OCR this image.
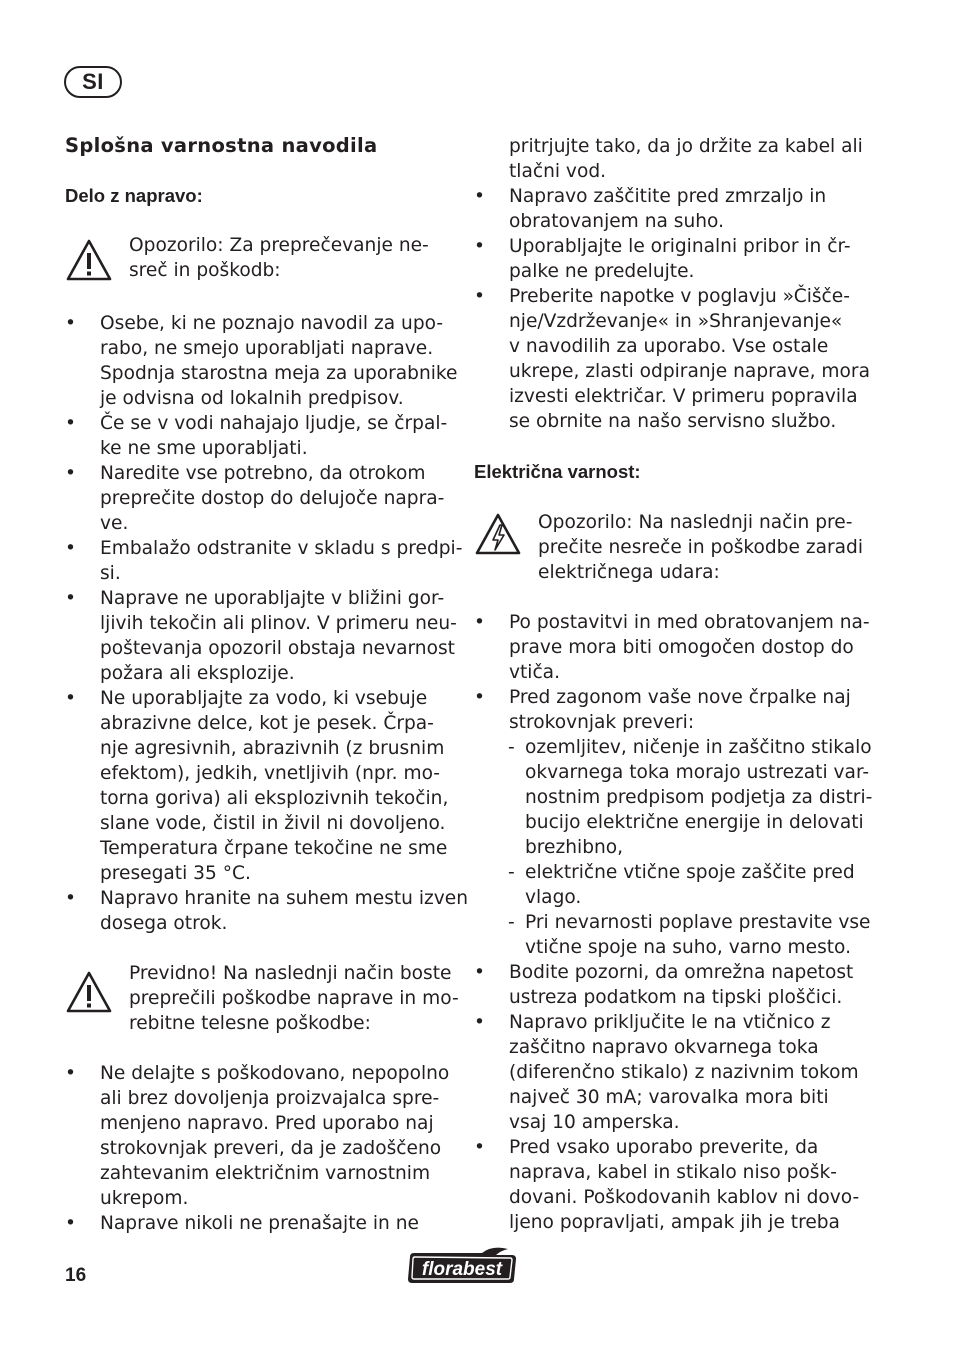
SI
Splošna varnostna navodila
Delo z napravo:
Opozorilo: Za preprečevanje ne-
sreč in poškodb:
• Osebe, ki ne poznajo navodil za upo-
rabo, ne smejo uporabljati naprave.
Spodnja starostna meja za uporabnike
je odvisna od lokalnih predpisov.
• Če se v vodi nahajajo ljudje, se črpal-
ke ne sme uporabljati.
• Naredite vse potrebno, da otrokom
preprečite dostop do delujoče napra-
ve.
• Embalažo odstranite v skladu s predpi-
si.
• Naprave ne uporabljajte v bližini gor-
ljivih tekočin ali plinov. V primeru neu-
poštevanja opozoril obstaja nevarnost
požara ali eksplozije.
• Ne uporabljajte za vodo, ki vsebuje
abrazivne delce, kot je pesek. Črpa-
nje agresivnih, abrazivnih (z brusnim
efektom), jedkih, vnetljivih (npr. mo-
torna goriva) ali eksplozivnih tekočin,
slane vode, čistil in živil ni dovoljeno.
Temperatura črpane tekočine ne sme
presegati 35 °C.
• Napravo hranite na suhem mestu izven
dosega otrok.
Previdno! Na naslednji način boste
preprečili poškodbe naprave in mo-
rebitne telesne poškodbe:
• Ne delajte s poškodovano, nepopolno
ali brez dovoljenja proizvajalca spre-
menjeno napravo. Pred uporabo naj
strokovnjak preveri, da je zadoščeno
zahtevanim električnim varnostnim
ukrepom.
• Naprave nikoli ne prenašajte in ne
pritrjujte tako, da jo držite za kabel ali
tlačni vod.
• Napravo zaščitite pred zmrzaljo in
obratovanjem na suho.
• Uporabljajte le originalni pribor in čr-
palke ne predelujte.
• Preberite napotke v poglavju »Čišče-
nje/Vzdrževanje« in »Shranjevanje«
v navodilih za uporabo. Vse ostale
ukrepe, zlasti odpiranje naprave, mora
izvesti električar. V primeru popravila
se obrnite na našo servisno službo.
Električna varnost:
Opozorilo: Na naslednji način pre-
prečite nesreče in poškodbe zaradi
električnega udara:
• Po postavitvi in med obratovanjem na-
prave mora biti omogočen dostop do
vtiča.
• Pred zagonom vaše nove črpalke naj
strokovnjak preveri:
- ozemljitev, ničenje in zaščitno stikalo
okvarnega toka morajo ustrezati var-
nostnim predpisom podjetja za distri-
bucijo električne energije in delovati
brezhibno,
- električne vtične spoje zaščite pred
vlago.
- Pri nevarnosti poplave prestavite vse
vtične spoje na suho, varno mesto.
• Bodite pozorni, da omrežna napetost
ustreza podatkom na tipski ploščici.
• Napravo priključite le na vtičnico z
zaščitno napravo okvarnega toka
(diferenčno stikalo) z nazivnim tokom
največ 30 mA; varovalka mora biti
vsaj 10 amperska.
• Pred vsako uporabo preverite, da
naprava, kabel in stikalo niso pošk-
dovani. Poškodovanih kablov ni dovo-
ljeno popravljati, ampak jih je treba
16	florabest
